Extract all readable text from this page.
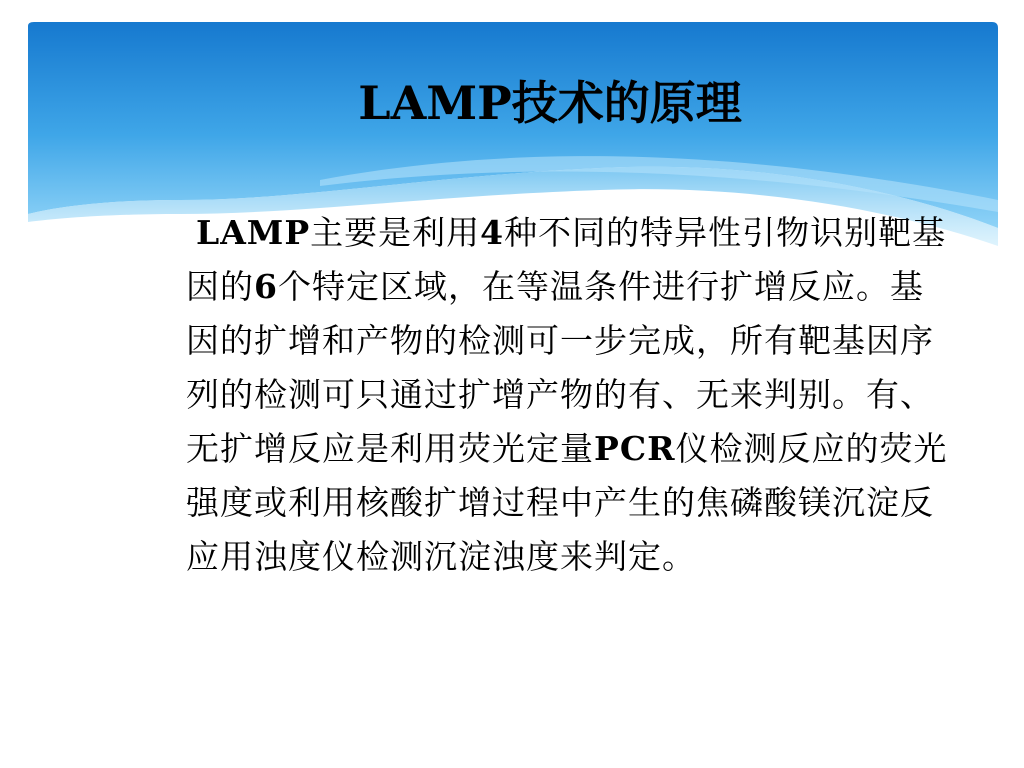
LAMP技术的原理

LAMP主要是利用4种不同的特异性引物识别靶基因的6个特定区域，在等温条件进行扩增反应。基因的扩增和产物的检测可一步完成，所有靶基因序列的检测可只通过扩增产物的有、无来判别。有、无扩增反应是利用荧光定量PCR仪检测反应的荧光强度或利用核酸扩增过程中产生的焦磷酸镁沉淀反应用浊度仪检测沉淀浊度来判定。
